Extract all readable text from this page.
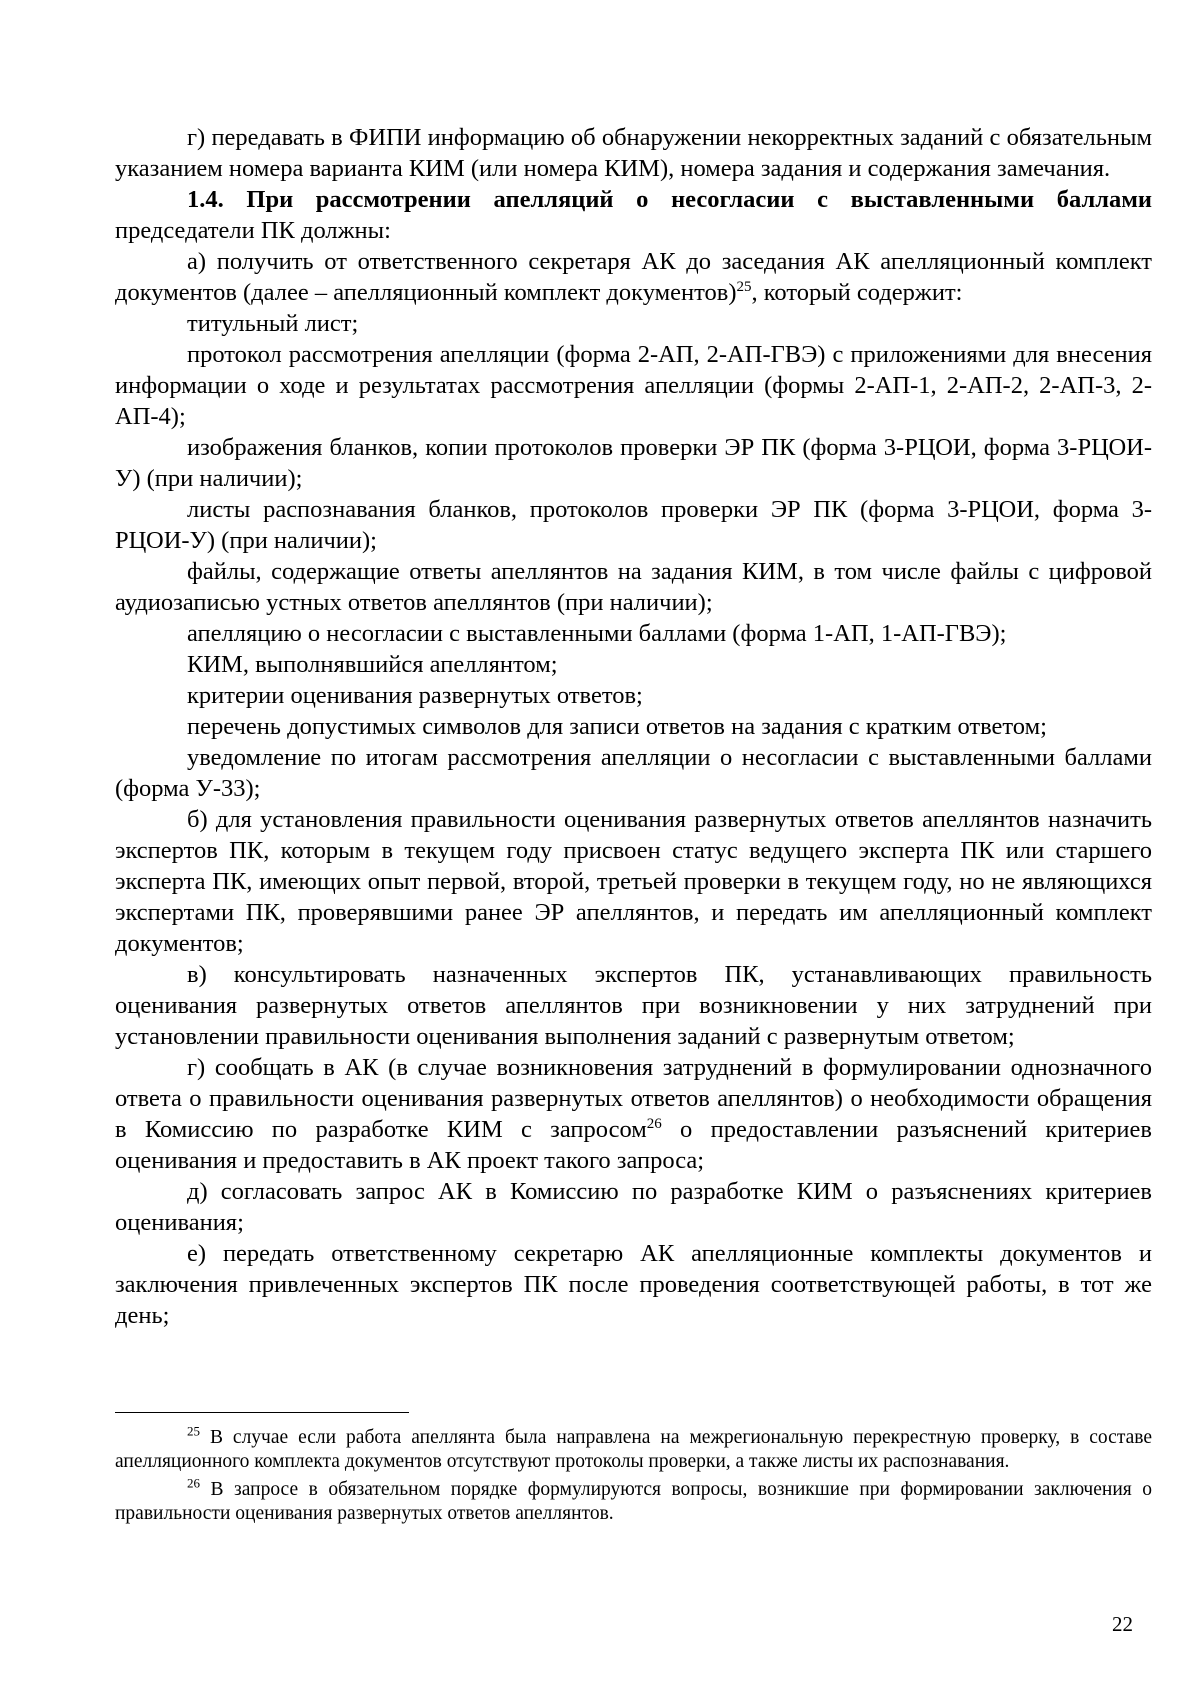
г) передавать в ФИПИ информацию об обнаружении некорректных заданий с обязательным указанием номера варианта КИМ (или номера КИМ), номера задания и содержания замечания.

1.4. При рассмотрении апелляций о несогласии с выставленными баллами председатели ПК должны:

а) получить от ответственного секретаря АК до заседания АК апелляционный комплект документов (далее – апелляционный комплект документов)$^{25}$, который содержит:

титульный лист;

протокол рассмотрения апелляции (форма 2-АП, 2-АП-ГВЭ) с приложениями для внесения информации о ходе и результатах рассмотрения апелляции (формы 2-АП-1, 2-АП-2, 2-АП-3, 2-АП-4);

изображения бланков, копии протоколов проверки ЭР ПК (форма 3-РЦОИ, форма 3-РЦОИ-У) (при наличии);

листы распознавания бланков, протоколов проверки ЭР ПК (форма 3-РЦОИ, форма 3-РЦОИ-У) (при наличии);

файлы, содержащие ответы апеллянтов на задания КИМ, в том числе файлы с цифровой аудиозаписью устных ответов апеллянтов (при наличии);

апелляцию о несогласии с выставленными баллами (форма 1-АП, 1-АП-ГВЭ);

КИМ, выполнявшийся апеллянтом;

критерии оценивания развернутых ответов;

перечень допустимых символов для записи ответов на задания с кратким ответом;

уведомление по итогам рассмотрения апелляции о несогласии с выставленными баллами (форма У-33);

б) для установления правильности оценивания развернутых ответов апеллянтов назначить экспертов ПК, которым в текущем году присвоен статус ведущего эксперта ПК или старшего эксперта ПК, имеющих опыт первой, второй, третьей проверки в текущем году, но не являющихся экспертами ПК, проверявшими ранее ЭР апеллянтов, и передать им апелляционный комплект документов;

в) консультировать назначенных экспертов ПК, устанавливающих правильность оценивания развернутых ответов апеллянтов при возникновении у них затруднений при установлении правильности оценивания выполнения заданий с развернутым ответом;

г) сообщать в АК (в случае возникновения затруднений в формулировании однозначного ответа о правильности оценивания развернутых ответов апеллянтов) о необходимости обращения в Комиссию по разработке КИМ с запросом$^{26}$ о предоставлении разъяснений критериев оценивания и предоставить в АК проект такого запроса;

д) согласовать запрос АК в Комиссию по разработке КИМ о разъяснениях критериев оценивания;

е) передать ответственному секретарю АК апелляционные комплекты документов и заключения привлеченных экспертов ПК после проведения соответствующей работы, в тот же день;

$^{25}$ В случае если работа апеллянта была направлена на межрегиональную перекрестную проверку, в составе апелляционного комплекта документов отсутствуют протоколы проверки, а также листы их распознавания.

$^{26}$ В запросе в обязательном порядке формулируются вопросы, возникшие при формировании заключения о правильности оценивания развернутых ответов апеллянтов.

22
